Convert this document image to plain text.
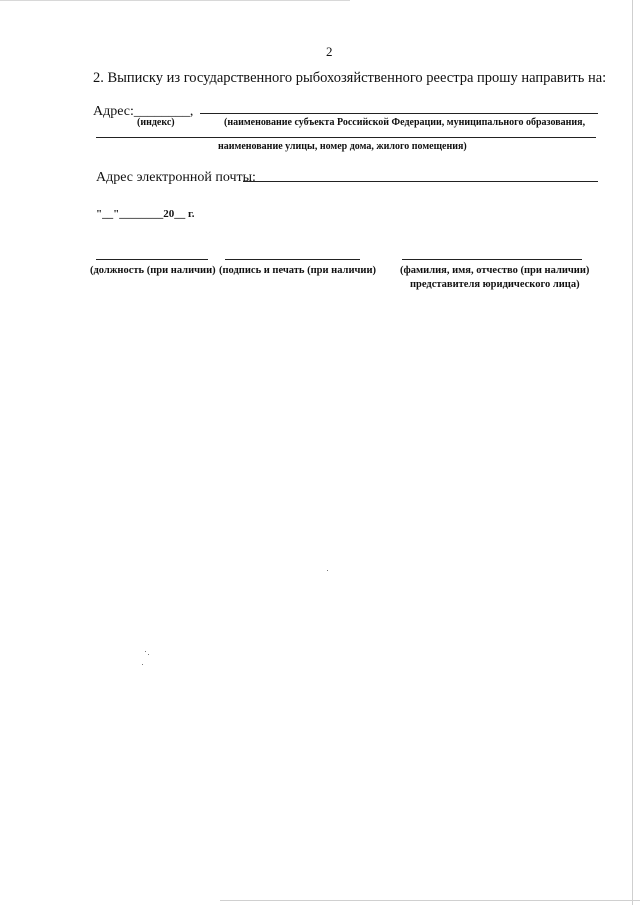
2
2. Выписку из государственного рыбохозяйственного реестра прошу направить на:
Адрес:________,
(индекс)	(наименование субъекта Российской Федерации, муниципального образования,
наименование улицы, номер дома, жилого помещения)
Адрес электронной почты:
"__"________20__ г.
(должность (при наличии) (подпись и печать (при наличии) (фамилия, имя, отчество (при наличии)
представителя юридического лица)
